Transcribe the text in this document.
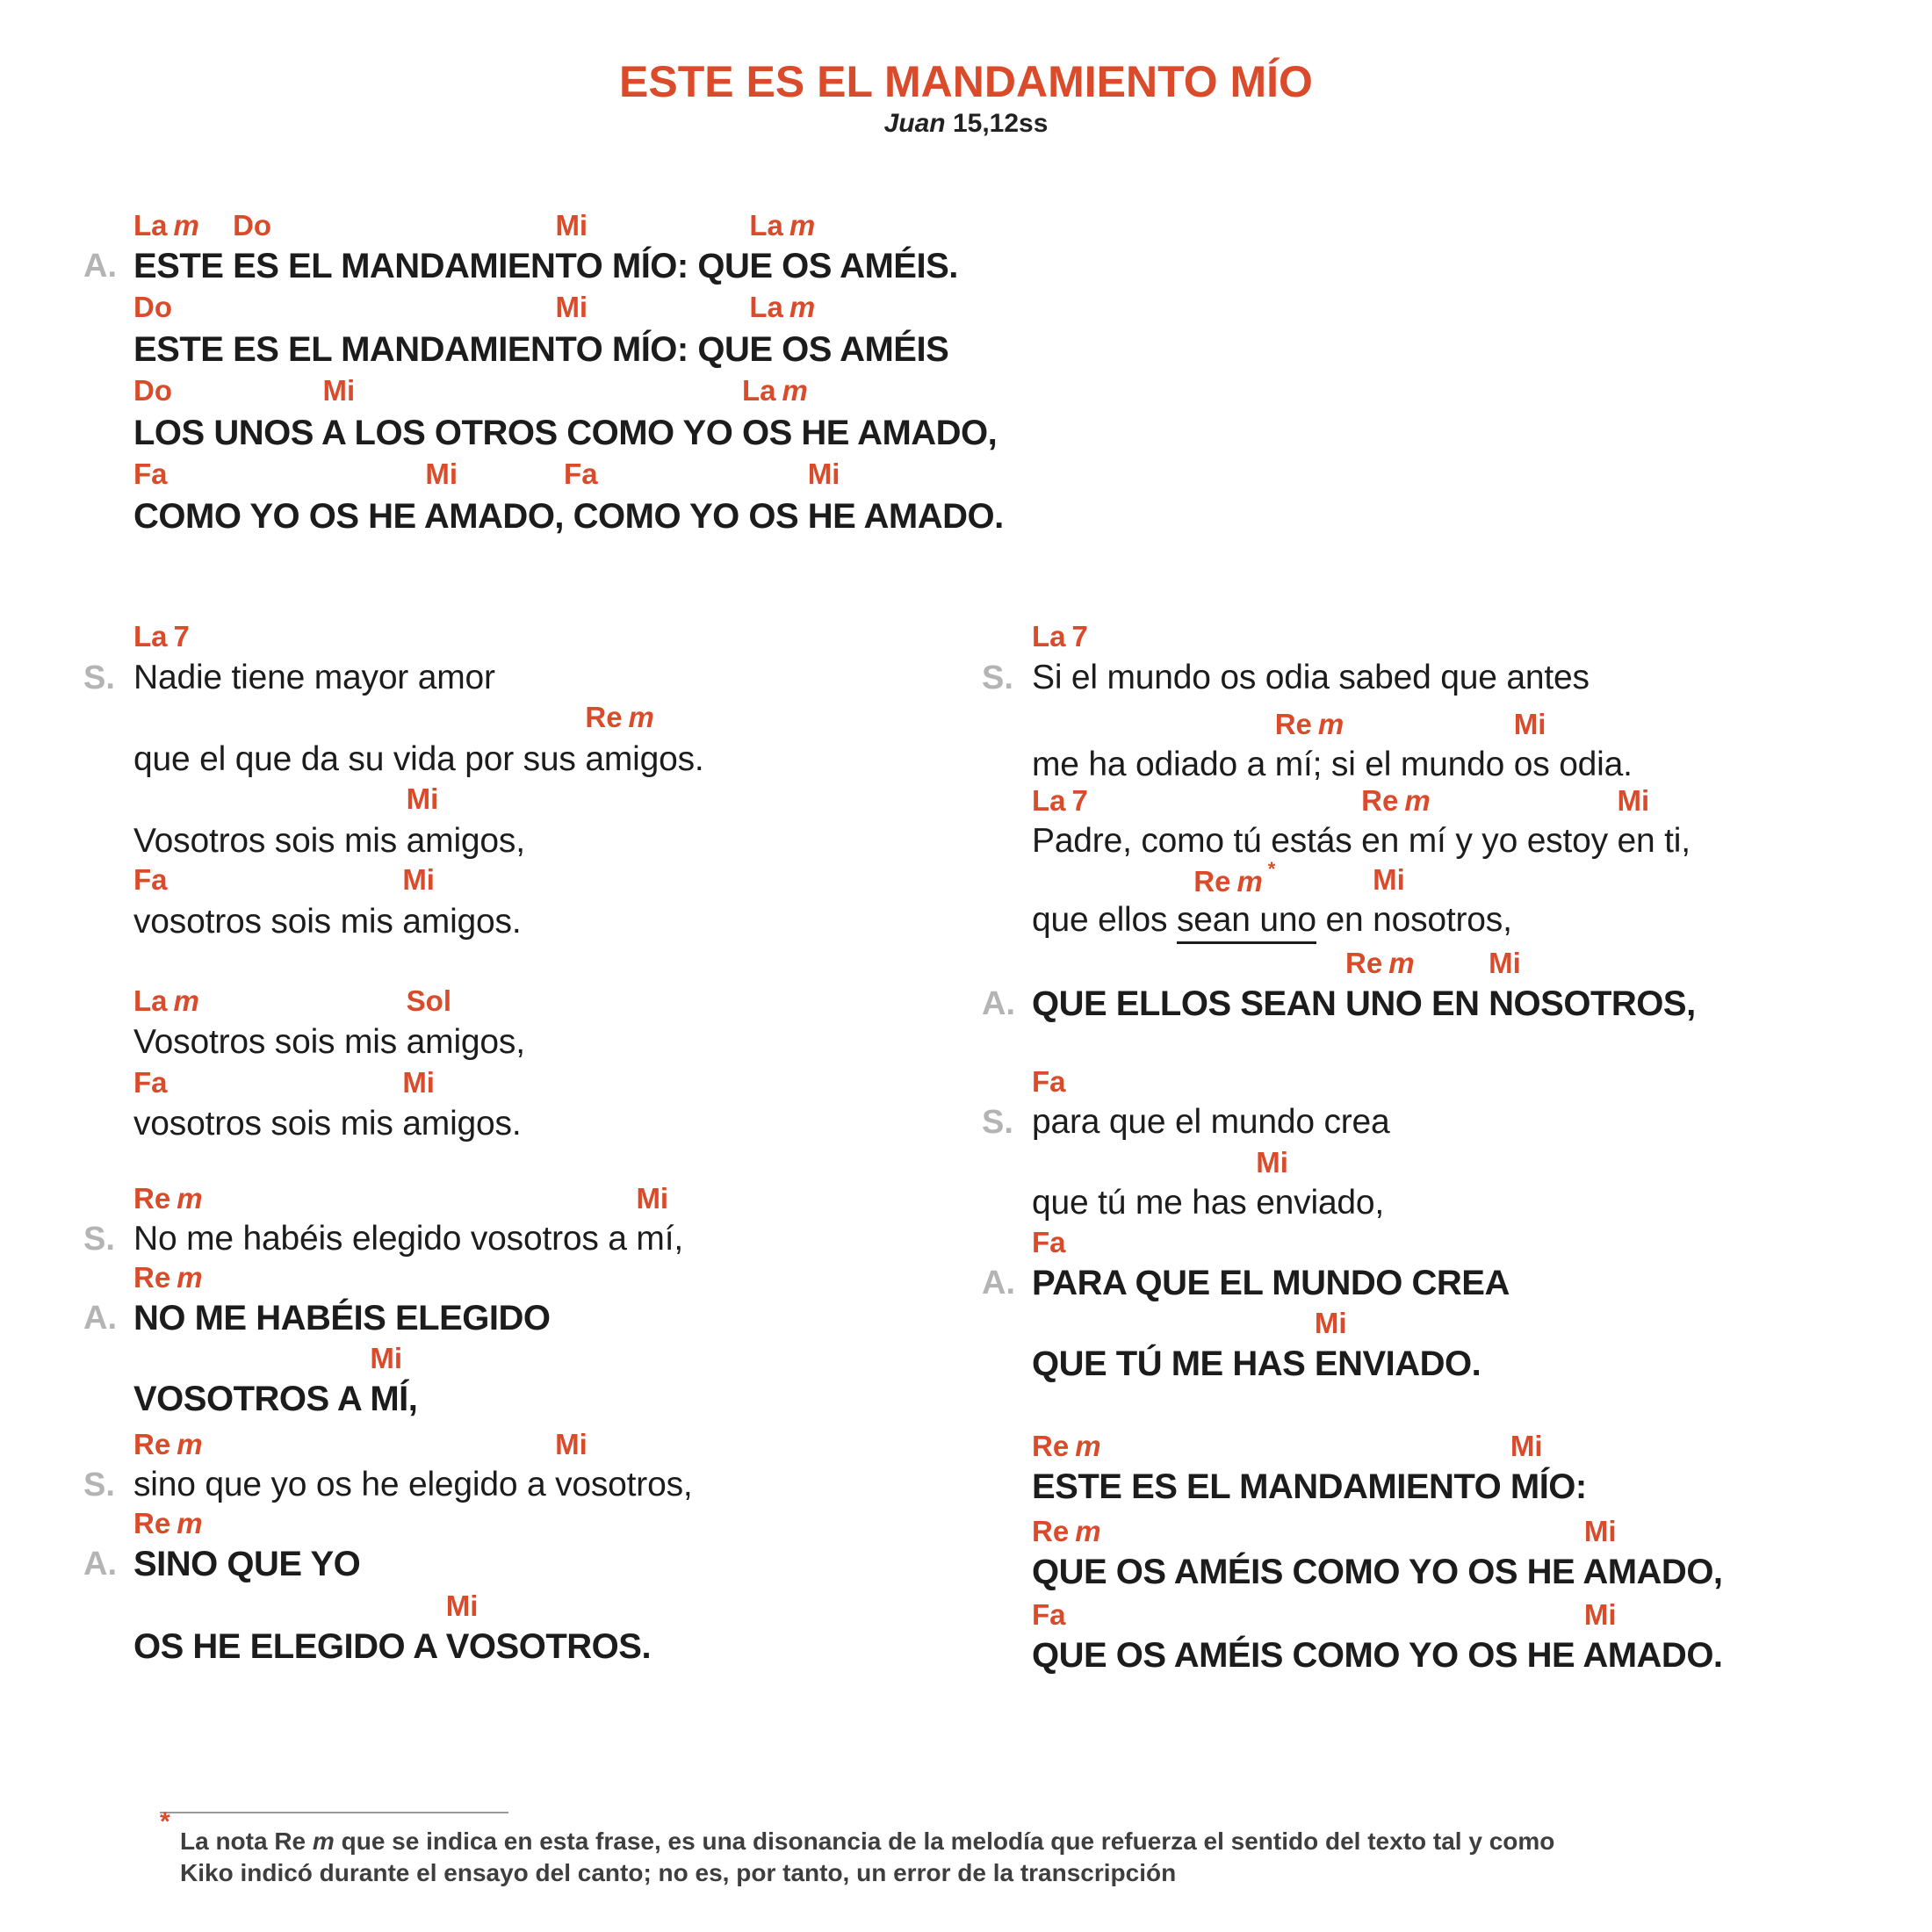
ESTE ES EL MANDAMIENTO MÍO
Juan 15,12ss
*
La m Do	Mi	La m
A. ESTE ES EL MANDAMIENTO MÍO: QUE OS AMÉIS.
Do	Mi	La m
ESTE ES EL MANDAMIENTO MÍO: QUE OS AMÉIS
Do	Mi	La m
LOS UNOS A LOS OTROS COMO YO OS HE AMADO,
Fa	Mi	Fa	Mi
COMO YO OS HE AMADO, COMO YO OS HE AMADO.
La 7
S. Nadie tiene mayor amor
Re m
que el que da su vida por sus amigos.
Mi
Vosotros sois mis amigos,
Fa	Mi
vosotros sois mis amigos.
La m	Sol
Vosotros sois mis amigos,
Fa	Mi
vosotros sois mis amigos.
Re m	Mi
S. No me habéis elegido vosotros a mí,
Re m
A. NO ME HABÉIS ELEGIDO
Mi
VOSOTROS A MÍ,
Re m	Mi
S. sino que yo os he elegido a vosotros,
Re m
A. SINO QUE YO
Mi
OS HE ELEGIDO A VOSOTROS.
La 7
S. Si el mundo os odia sabed que antes
Re m	Mi
me ha odiado a mí; si el mundo os odia.
La 7	Re m	Mi
Padre, como tú estás en mí y yo estoy en ti,
Re m *	Mi
que ellos sean uno en nosotros,
Re m	Mi
A. QUE ELLOS SEAN UNO EN NOSOTROS,
Fa
S. para que el mundo crea
Mi
que tú me has enviado,
Fa
A. PARA QUE EL MUNDO CREA
Mi
QUE TÚ ME HAS ENVIADO.
Re m	Mi
ESTE ES EL MANDAMIENTO MÍO:
Re m	Mi
QUE OS AMÉIS COMO YO OS HE AMADO,
Fa	Mi
QUE OS AMÉIS COMO YO OS HE AMADO.
La nota Re m que se indica en esta frase, es una disonancia de la melodía que refuerza el sentido del texto tal y como
Kiko indicó durante el ensayo del canto; no es, por tanto, un error de la transcripción
